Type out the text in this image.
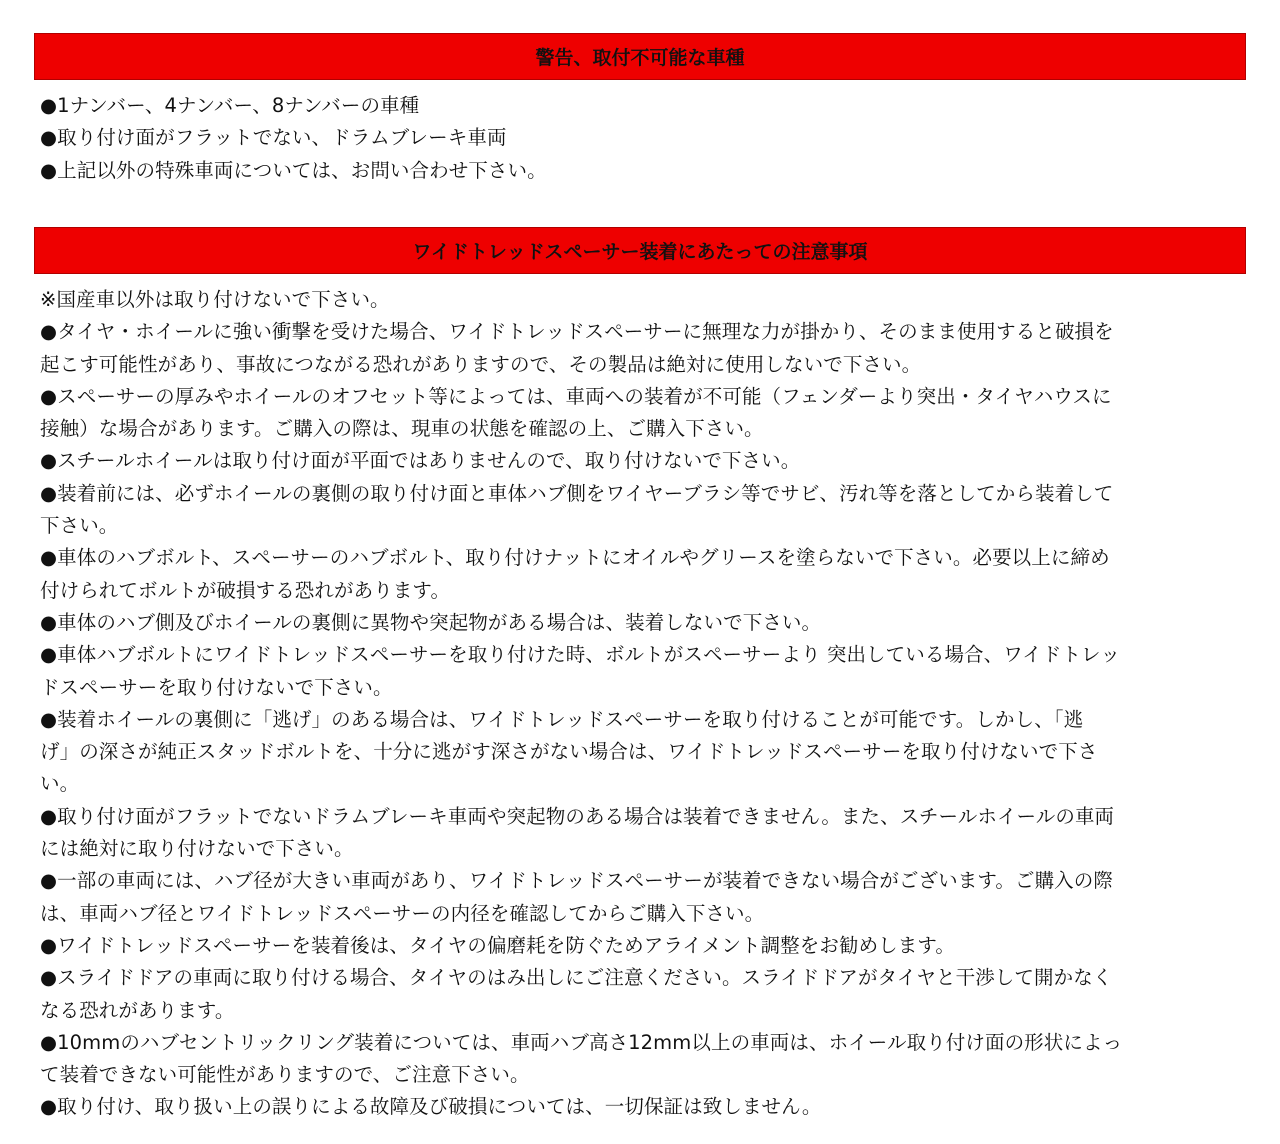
警告、取付不可能な車種
●1ナンバー、4ナンバー、8ナンバーの車種
●取り付け面がフラットでない、ドラムブレーキ車両
●上記以外の特殊車両については、お問い合わせ下さい。
ワイドトレッドスペーサー装着にあたっての注意事項
※国産車以外は取り付けないで下さい。
●タイヤ・ホイールに強い衝撃を受けた場合、ワイドトレッドスペーサーに無理な力が掛かり、そのまま使用すると破損を
起こす可能性があり、事故につながる恐れがありますので、その製品は絶対に使用しないで下さい。
●スペーサーの厚みやホイールのオフセット等によっては、車両への装着が不可能（フェンダーより突出・タイヤハウスに
接触）な場合があります。ご購入の際は、現車の状態を確認の上、ご購入下さい。
●スチールホイールは取り付け面が平面ではありませんので、取り付けないで下さい。
●装着前には、必ずホイールの裏側の取り付け面と車体ハブ側をワイヤーブラシ等でサビ、汚れ等を落としてから装着して
下さい。
●車体のハブボルト、スペーサーのハブボルト、取り付けナットにオイルやグリースを塗らないで下さい。必要以上に締め
付けられてボルトが破損する恐れがあります。
●車体のハブ側及びホイールの裏側に異物や突起物がある場合は、装着しないで下さい。
●車体ハブボルトにワイドトレッドスペーサーを取り付けた時、ボルトがスペーサーより 突出している場合、ワイドトレッ
ドスペーサーを取り付けないで下さい。
●装着ホイールの裏側に「逃げ」のある場合は、ワイドトレッドスペーサーを取り付けることが可能です。しかし、「逃
げ」の深さが純正スタッドボルトを、十分に逃がす深さがない場合は、ワイドトレッドスペーサーを取り付けないで下さ
い。
●取り付け面がフラットでないドラムブレーキ車両や突起物のある場合は装着できません。また、スチールホイールの車両
には絶対に取り付けないで下さい。
●一部の車両には、ハブ径が大きい車両があり、ワイドトレッドスペーサーが装着できない場合がございます。ご購入の際
は、車両ハブ径とワイドトレッドスペーサーの内径を確認してからご購入下さい。
●ワイドトレッドスペーサーを装着後は、タイヤの偏磨耗を防ぐためアライメント調整をお勧めします。
●スライドドアの車両に取り付ける場合、タイヤのはみ出しにご注意ください。スライドドアがタイヤと干渉して開かなく
なる恐れがあります。
●10mmのハブセントリックリング装着については、車両ハブ高さ12mm以上の車両は、ホイール取り付け面の形状によっ
て装着できない可能性がありますので、ご注意下さい。
●取り付け、取り扱い上の誤りによる故障及び破損については、一切保証は致しません。
